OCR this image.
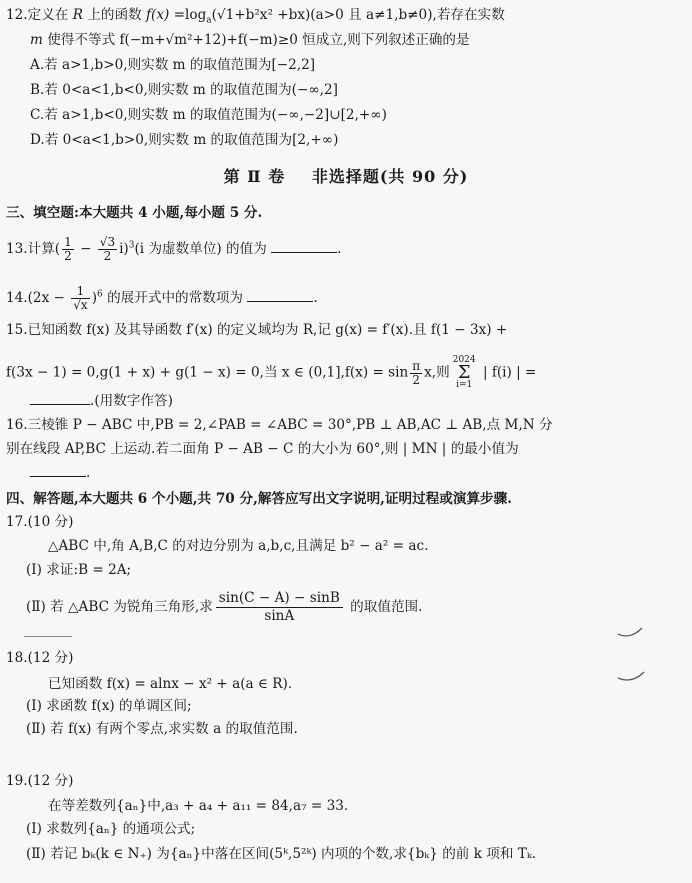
12.定义在 R 上的函数 $f(x) =\log_a(√1+b^2x^2 +bx)(a>0$ 且 a≠1,b≠0),若存在实数
m 使得不等式 f(−m+√m²+12)+f(−m)≥0 恒成立,则下列叙述正确的是
A.若 a>1,b>0,则实数 m 的取值范围为[−2,2]
B.若 0<a<1,b<0,则实数 m 的取值范围为(−∞,2]
C.若 a>1,b<0,则实数 m 的取值范围为(−∞,−2]∪[2,+∞)
D.若 0<a<1,b>0,则实数 m 的取值范围为[2,+∞)
第 Ⅱ 卷 非选择题(共 90 分)
三、填空题:本大题共 4 小题,每小题 5 分.
13.计算( $\frac{1}{2} - \frac{√3}{2} i)^3(i$ 为虚数单位) 的值为	.
$14.(2x - \frac{1}{√x} )^6$ 的展开式中的常数项为	.
15.已知函数 f(x) 及其导函数 f′(x) 的定义域均为 R,记 g(x) = f′(x).且 f(1 − 3x) +
f(3x − 1) = 0,g(1 + x) + g(1 − x) = 0,当 x ∈ $(0,1],f(x) = \sin \frac{\pi}{2} x$,则2024
Σ
i=1 | f(i) | =
.(用数字作答)
16.三棱锥 P − ABC 中,PB = 2,∠PAB = ∠ABC = 30°,PB ⊥ AB,AC ⊥ AB,点 M,N 分
别在线段 AP,BC 上运动.若二面角 P − AB − C 的大小为 60°,则 | MN | 的最小值为
.
四、解答题,本大题共 6 个小题,共 70 分,解答应写出文字说明,证明过程或演算步骤.
17.(10 分)
△ABC 中,角 A,B,C 的对边分别为 a,b,c,且满足 b² − a² = ac.
(Ⅰ) 求证:B = 2A;
(Ⅱ) 若 △ABC 为锐角三角形,求 $\frac{\sin(C - A) - \sin B}{\sin A}$ 的取值范围.
18.(12 分)
已知函数 f(x) = alnx − x² + a(a ∈ R).
(Ⅰ) 求函数 f(x) 的单调区间;
(Ⅱ) 若 f(x) 有两个零点,求实数 a 的取值范围.
19.(12 分)
在等差数列{aₙ}中,a₃ + a₄ + a₁₁ = 84,a₇ = 33.
(Ⅰ) 求数列{aₙ} 的通项公式;
(Ⅱ) 若记 bₖ(k ∈ N₊) 为{aₙ}中落在区间(5ᵏ,5²ᵏ) 内项的个数,求{bₖ} 的前 k 项和 Tₖ.
